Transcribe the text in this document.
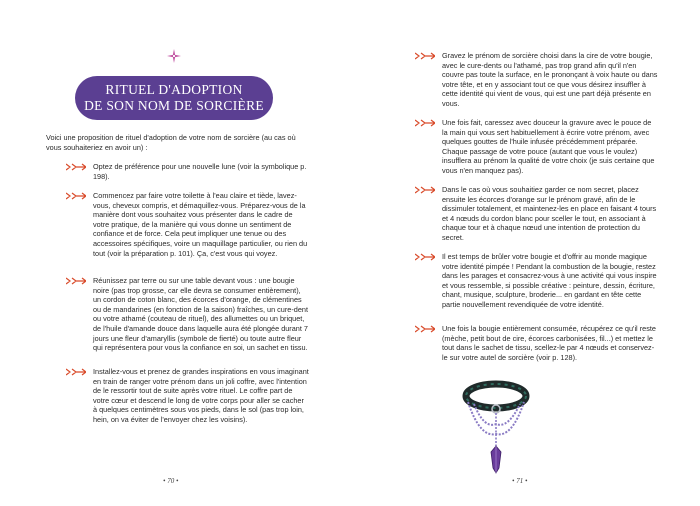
RITUEL D'ADOPTION
DE SON NOM DE SORCIÈRE
Voici une proposition de rituel d'adoption de votre nom de sorcière (au cas où vous souhaiteriez en avoir un) :
Optez de préférence pour une nouvelle lune (voir la symbolique p. 198).
Commencez par faire votre toilette à l'eau claire et tiède, lavez-vous, cheveux compris, et démaquillez-vous. Préparez-vous de la manière dont vous souhaitez vous présenter dans le cadre de votre pratique, de la manière qui vous donne un sentiment de confiance et de force. Cela peut impliquer une tenue ou des accessoires spécifiques, voire un maquillage particulier, ou rien du tout (voir la préparation p. 101). Ça, c'est vous qui voyez.
Réunissez par terre ou sur une table devant vous : une bougie noire (pas trop grosse, car elle devra se consumer entièrement), un cordon de coton blanc, des écorces d'orange, de clémentines ou de mandarines (en fonction de la saison) fraîches, un cure-dent ou votre athamé (couteau de rituel), des allumettes ou un briquet, de l'huile d'amande douce dans laquelle aura été plongée durant 7 jours une fleur d'amaryllis (symbole de fierté) ou toute autre fleur qui représentera pour vous la confiance en soi, un sachet en tissu.
Installez-vous et prenez de grandes inspirations en vous imaginant en train de ranger votre prénom dans un joli coffre, avec l'intention de le ressortir tout de suite après votre rituel. Le coffre part de votre cœur et descend le long de votre corps pour aller se cacher à quelques centimètres sous vos pieds, dans le sol (pas trop loin, hein, on va éviter de l'envoyer chez les voisins).
• 70 •
Gravez le prénom de sorcière choisi dans la cire de votre bougie, avec le cure-dents ou l'athamé, pas trop grand afin qu'il n'en couvre pas toute la surface, en le prononçant à voix haute ou dans votre tête, et en y associant tout ce que vous désirez insuffler à cette identité qui vient de vous, qui est une part déjà présente en vous.
Une fois fait, caressez avec douceur la gravure avec le pouce de la main qui vous sert habituellement à écrire votre prénom, avec quelques gouttes de l'huile infusée précédemment préparée. Chaque passage de votre pouce (autant que vous le voulez) insufflera au prénom la qualité de votre choix (je suis certaine que vous n'en manquez pas).
Dans le cas où vous souhaitiez garder ce nom secret, placez ensuite les écorces d'orange sur le prénom gravé, afin de le dissimuler totalement, et maintenez-les en place en faisant 4 tours et 4 nœuds du cordon blanc pour sceller le tout, en associant à chaque tour et à chaque nœud une intention de protection du secret.
Il est temps de brûler votre bougie et d'offrir au monde magique votre identité pimpée ! Pendant la combustion de la bougie, restez dans les parages et consacrez-vous à une activité qui vous inspire et vous ressemble, si possible créative : peinture, dessin, écriture, chant, musique, sculpture, broderie... en gardant en tête cette partie nouvellement revendiquée de votre identité.
Une fois la bougie entièrement consumée, récupérez ce qu'il reste (mèche, petit bout de cire, écorces carbonisées, fil...) et mettez le tout dans le sachet de tissu, scellez-le par 4 nœuds et conservez-le sur votre autel de sorcière (voir p. 128).
• 71 •
